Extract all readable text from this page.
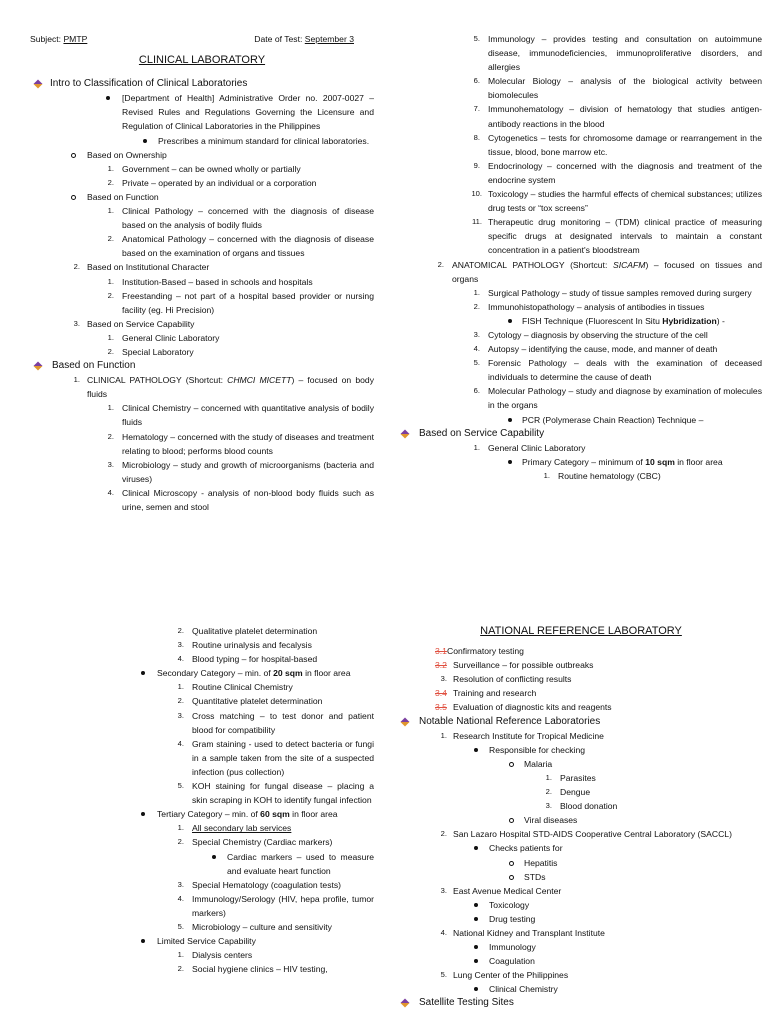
Subject: PMTP	Date of Test: September 3
CLINICAL LABORATORY
Intro to Classification of Clinical Laboratories
[Department of Health] Administrative Order no. 2007-0027 – Revised Rules and Regulations Governing the Licensure and Regulation of Clinical Laboratories in the Philippines
Prescribes a minimum standard for clinical laboratories.
Based on Ownership
1. Government – can be owned wholly or partially
2. Private – operated by an individual or a corporation
Based on Function
1. Clinical Pathology – concerned with the diagnosis of disease based on the analysis of bodily fluids
2. Anatomical Pathology – concerned with the diagnosis of disease based on the examination of organs and tissues
2. Based on Institutional Character
1. Institution-Based – based in schools and hospitals
2. Freestanding – not part of a hospital based provider or nursing facility (eg. Hi Precision)
3. Based on Service Capability
1. General Clinic Laboratory
2. Special Laboratory
Based on Function
1. CLINICAL PATHOLOGY (Shortcut: CHMCI MICETT) – focused on body fluids
1. Clinical Chemistry – concerned with quantitative analysis of bodily fluids
2. Hematology – concerned with the study of diseases and treatment relating to blood; performs blood counts
3. Microbiology – study and growth of microorganisms (bacteria and viruses)
4. Clinical Microscopy - analysis of non-blood body fluids such as urine, semen and stool
5. Immunology – provides testing and consultation on autoimmune disease, immunodeficiencies, immunoproliferative disorders, and allergies
6. Molecular Biology – analysis of the biological activity between biomolecules
7. Immunohematology – division of hematology that studies antigen-antibody reactions in the blood
8. Cytogenetics – tests for chromosome damage or rearrangement in the tissue, blood, bone marrow etc.
9. Endocrinology – concerned with the diagnosis and treatment of the endocrine system
10. Toxicology – studies the harmful effects of chemical substances; utilizes drug tests or “tox screens”
11. Therapeutic drug monitoring – (TDM) clinical practice of measuring specific drugs at designated intervals to maintain a constant concentration in a patient's bloodstream
2. ANATOMICAL PATHOLOGY (Shortcut: SICAFM) – focused on tissues and organs
1. Surgical Pathology – study of tissue samples removed during surgery
2. Immunohistopathology – analysis of antibodies in tissues
FISH Technique (Fluorescent In Situ Hybridization) -
3. Cytology – diagnosis by observing the structure of the cell
4. Autopsy – identifying the cause, mode, and manner of death
5. Forensic Pathology – deals with the examination of deceased individuals to determine the cause of death
6. Molecular Pathology – study and diagnose by examination of molecules in the organs
PCR (Polymerase Chain Reaction) Technique –
Based on Service Capability
1. General Clinic Laboratory
Primary Category – minimum of 10 sqm in floor area
1. Routine hematology (CBC)
2. Qualitative platelet determination
3. Routine urinalysis and fecalysis
4. Blood typing – for hospital-based
Secondary Category – min. of 20 sqm in floor area
1. Routine Clinical Chemistry
2. Quantitative platelet determination
3. Cross matching – to test donor and patient blood for compatibility
4. Gram staining - used to detect bacteria or fungi in a sample taken from the site of a suspected infection (pus collection)
5. KOH staining for fungal disease – placing a skin scraping in KOH to identify fungal infection
Tertiary Category – min. of 60 sqm in floor area
1. All secondary lab services
2. Special Chemistry (Cardiac markers)
Cardiac markers – used to measure and evaluate heart function
3. Special Hematology (coagulation tests)
4. Immunology/Serology (HIV, hepa profile, tumor markers)
5. Microbiology – culture and sensitivity
Limited Service Capability
1. Dialysis centers
2. Social hygiene clinics – HIV testing,
NATIONAL REFERENCE LABORATORY
3.1 Confirmatory testing
3.2 Surveillance – for possible outbreaks
3. Resolution of conflicting results
3.4 Training and research
3.5 Evaluation of diagnostic kits and reagents
Notable National Reference Laboratories
1. Research Institute for Tropical Medicine
Responsible for checking
Malaria
1. Parasites
2. Dengue
3. Blood donation
Viral diseases
2. San Lazaro Hospital STD-AIDS Cooperative Central Laboratory (SACCL)
Checks patients for
Hepatitis
STDs
3. East Avenue Medical Center
Toxicology
Drug testing
4. National Kidney and Transplant Institute
Immunology
Coagulation
5. Lung Center of the Philippines
Clinical Chemistry
Satellite Testing Sites
